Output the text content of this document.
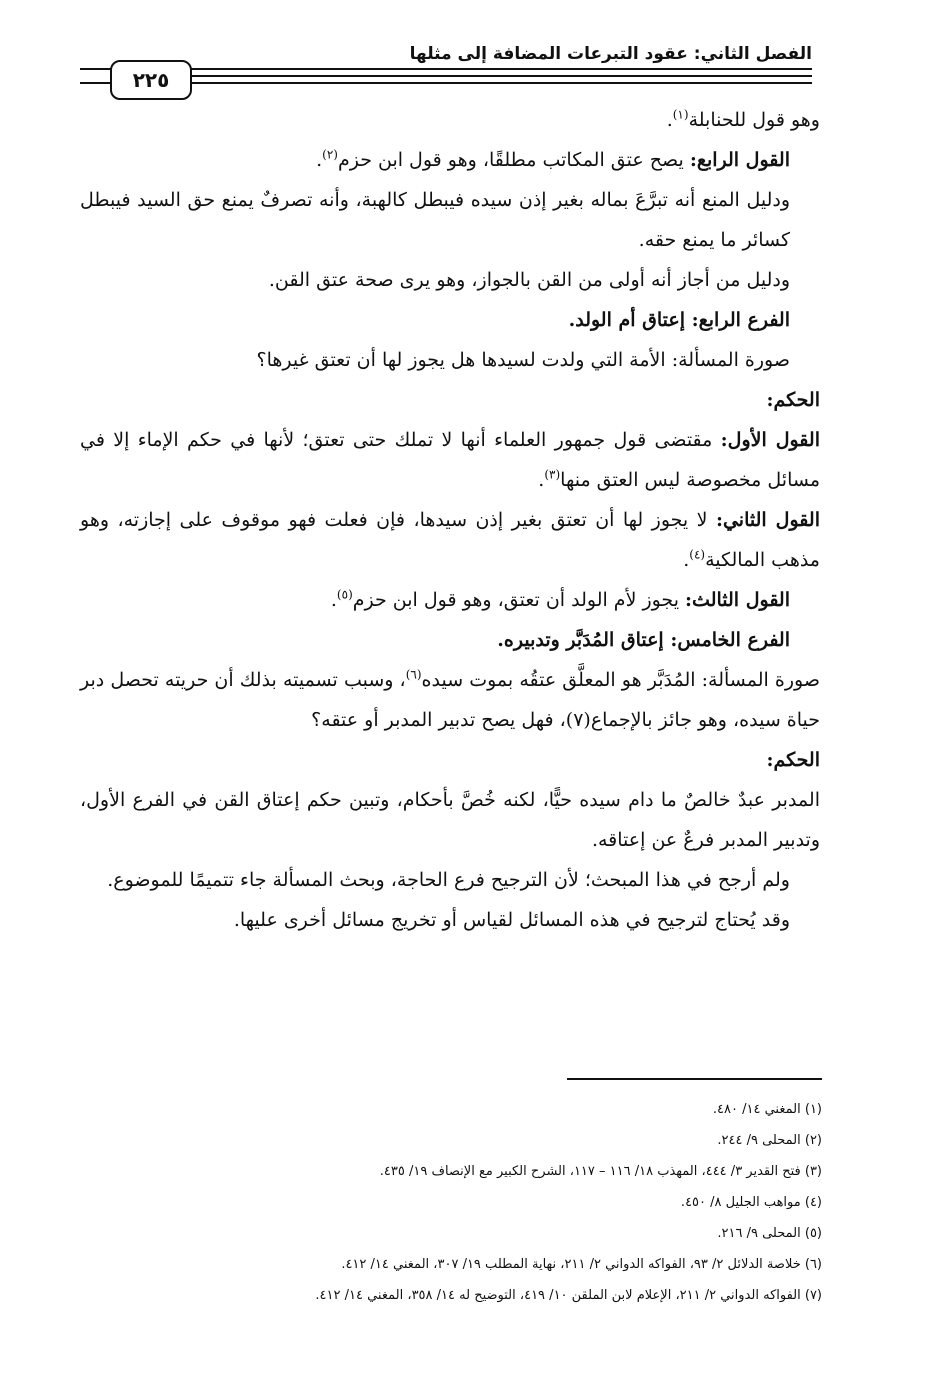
الفصل الثاني: عقود التبرعات المضافة إلى مثلها
٢٢٥

وهو قول للحنابلة$^{(١)}$.

القول الرابع: يصح عتق المكاتب مطلقًا، وهو قول ابن حزم$^{(٢)}$.

ودليل المنع أنه تبرَّعَ بماله بغير إذن سيده فيبطل كالهبة، وأنه تصرفٌ يمنع حق السيد فيبطل كسائر ما يمنع حقه.

ودليل من أجاز أنه أولى من القن بالجواز، وهو يرى صحة عتق القن.

الفرع الرابع: إعتاق أم الولد.

صورة المسألة: الأمة التي ولدت لسيدها هل يجوز لها أن تعتق غيرها؟

الحكم:

القول الأول: مقتضى قول جمهور العلماء أنها لا تملك حتى تعتق؛ لأنها في حكم الإماء إلا في مسائل مخصوصة ليس العتق منها$^{(٣)}$.

القول الثاني: لا يجوز لها أن تعتق بغير إذن سيدها، فإن فعلت فهو موقوف على إجازته، وهو مذهب المالكية$^{(٤)}$.

القول الثالث: يجوز لأم الولد أن تعتق، وهو قول ابن حزم$^{(٥)}$.

الفرع الخامس: إعتاق المُدَبَّر وتدبيره.

صورة المسألة: المُدَبَّر هو المعلَّق عتقُه بموت سيده$^{(٦)}$، وسبب تسميته بذلك أن حريته تحصل دبر حياة سيده، وهو جائز بالإجماع(٧)، فهل يصح تدبير المدبر أو عتقه؟

الحكم:

المدبر عبدٌ خالصٌ ما دام سيده حيًّا، لكنه خُصَّ بأحكام، وتبين حكم إعتاق القن في الفرع الأول، وتدبير المدبر فرعٌ عن إعتاقه.

ولم أرجح في هذا المبحث؛ لأن الترجيح فرع الحاجة، وبحث المسألة جاء تتميمًا للموضوع.

وقد يُحتاج لترجيح في هذه المسائل لقياس أو تخريج مسائل أخرى عليها.

(١) المغني ١٤/ ٤٨٠.
(٢) المحلى ٩/ ٢٤٤.
(٣) فتح القدير ٣/ ٤٤٤، المهذب ١٨/ ١١٦ – ١١٧، الشرح الكبير مع الإنصاف ١٩/ ٤٣٥.
(٤) مواهب الجليل ٨/ ٤٥٠.
(٥) المحلى ٩/ ٢١٦.
(٦) خلاصة الدلائل ٢/ ٩٣، الفواكه الدواني ٢/ ٢١١، نهاية المطلب ١٩/ ٣٠٧، المغني ١٤/ ٤١٢.
(٧) الفواكه الدواني ٢/ ٢١١، الإعلام لابن الملقن ١٠/ ٤١٩، التوضيح له ١٤/ ٣٥٨، المغني ١٤/ ٤١٢.
